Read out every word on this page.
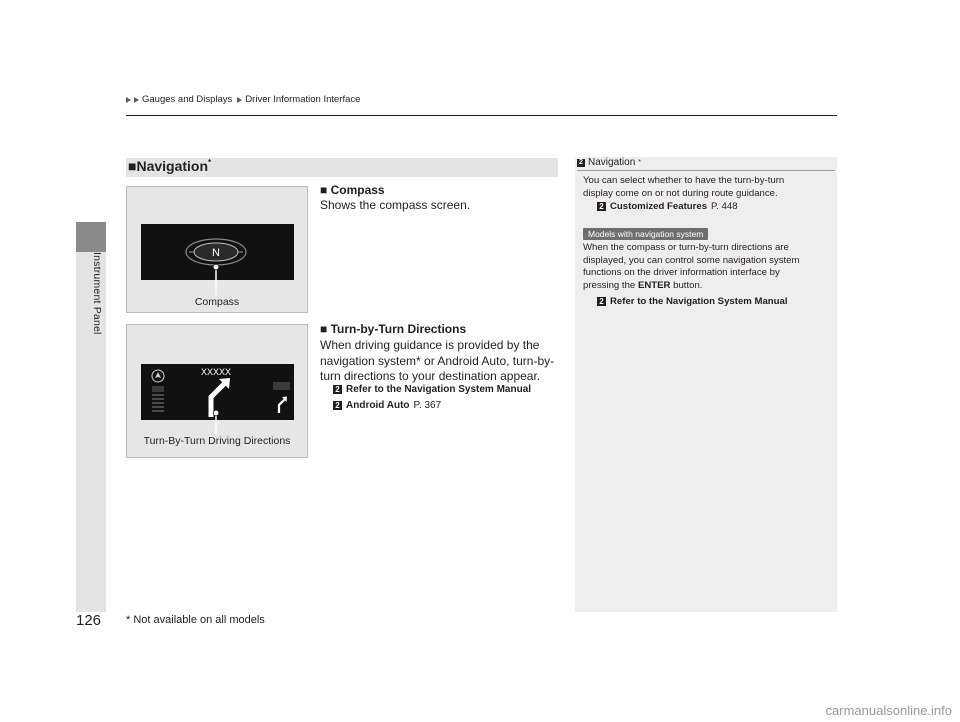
Gauges and Displays Driver Information Interface
Instrument Panel
126 * Not available on all models
■Navigation*
N
Compass
XXXXX
Turn-By-Turn Driving Directions
■ Compass
Shows the compass screen.
■ Turn-by-Turn Directions
When driving guidance is provided by the
navigation system* or Android Auto, turn-by-
turn directions to your destination appear.
2 Refer to the Navigation System Manual
2 Android Auto P. 367
2 Navigation *
You can select whether to have the turn-by-turn
display come on or not during route guidance.
2 Customized Features P. 448
Models with navigation system
When the compass or turn-by-turn directions are
displayed, you can control some navigation system
functions on the driver information interface by
pressing the ENTER button.
2 Refer to the Navigation System Manual
carmanualsonline.info
